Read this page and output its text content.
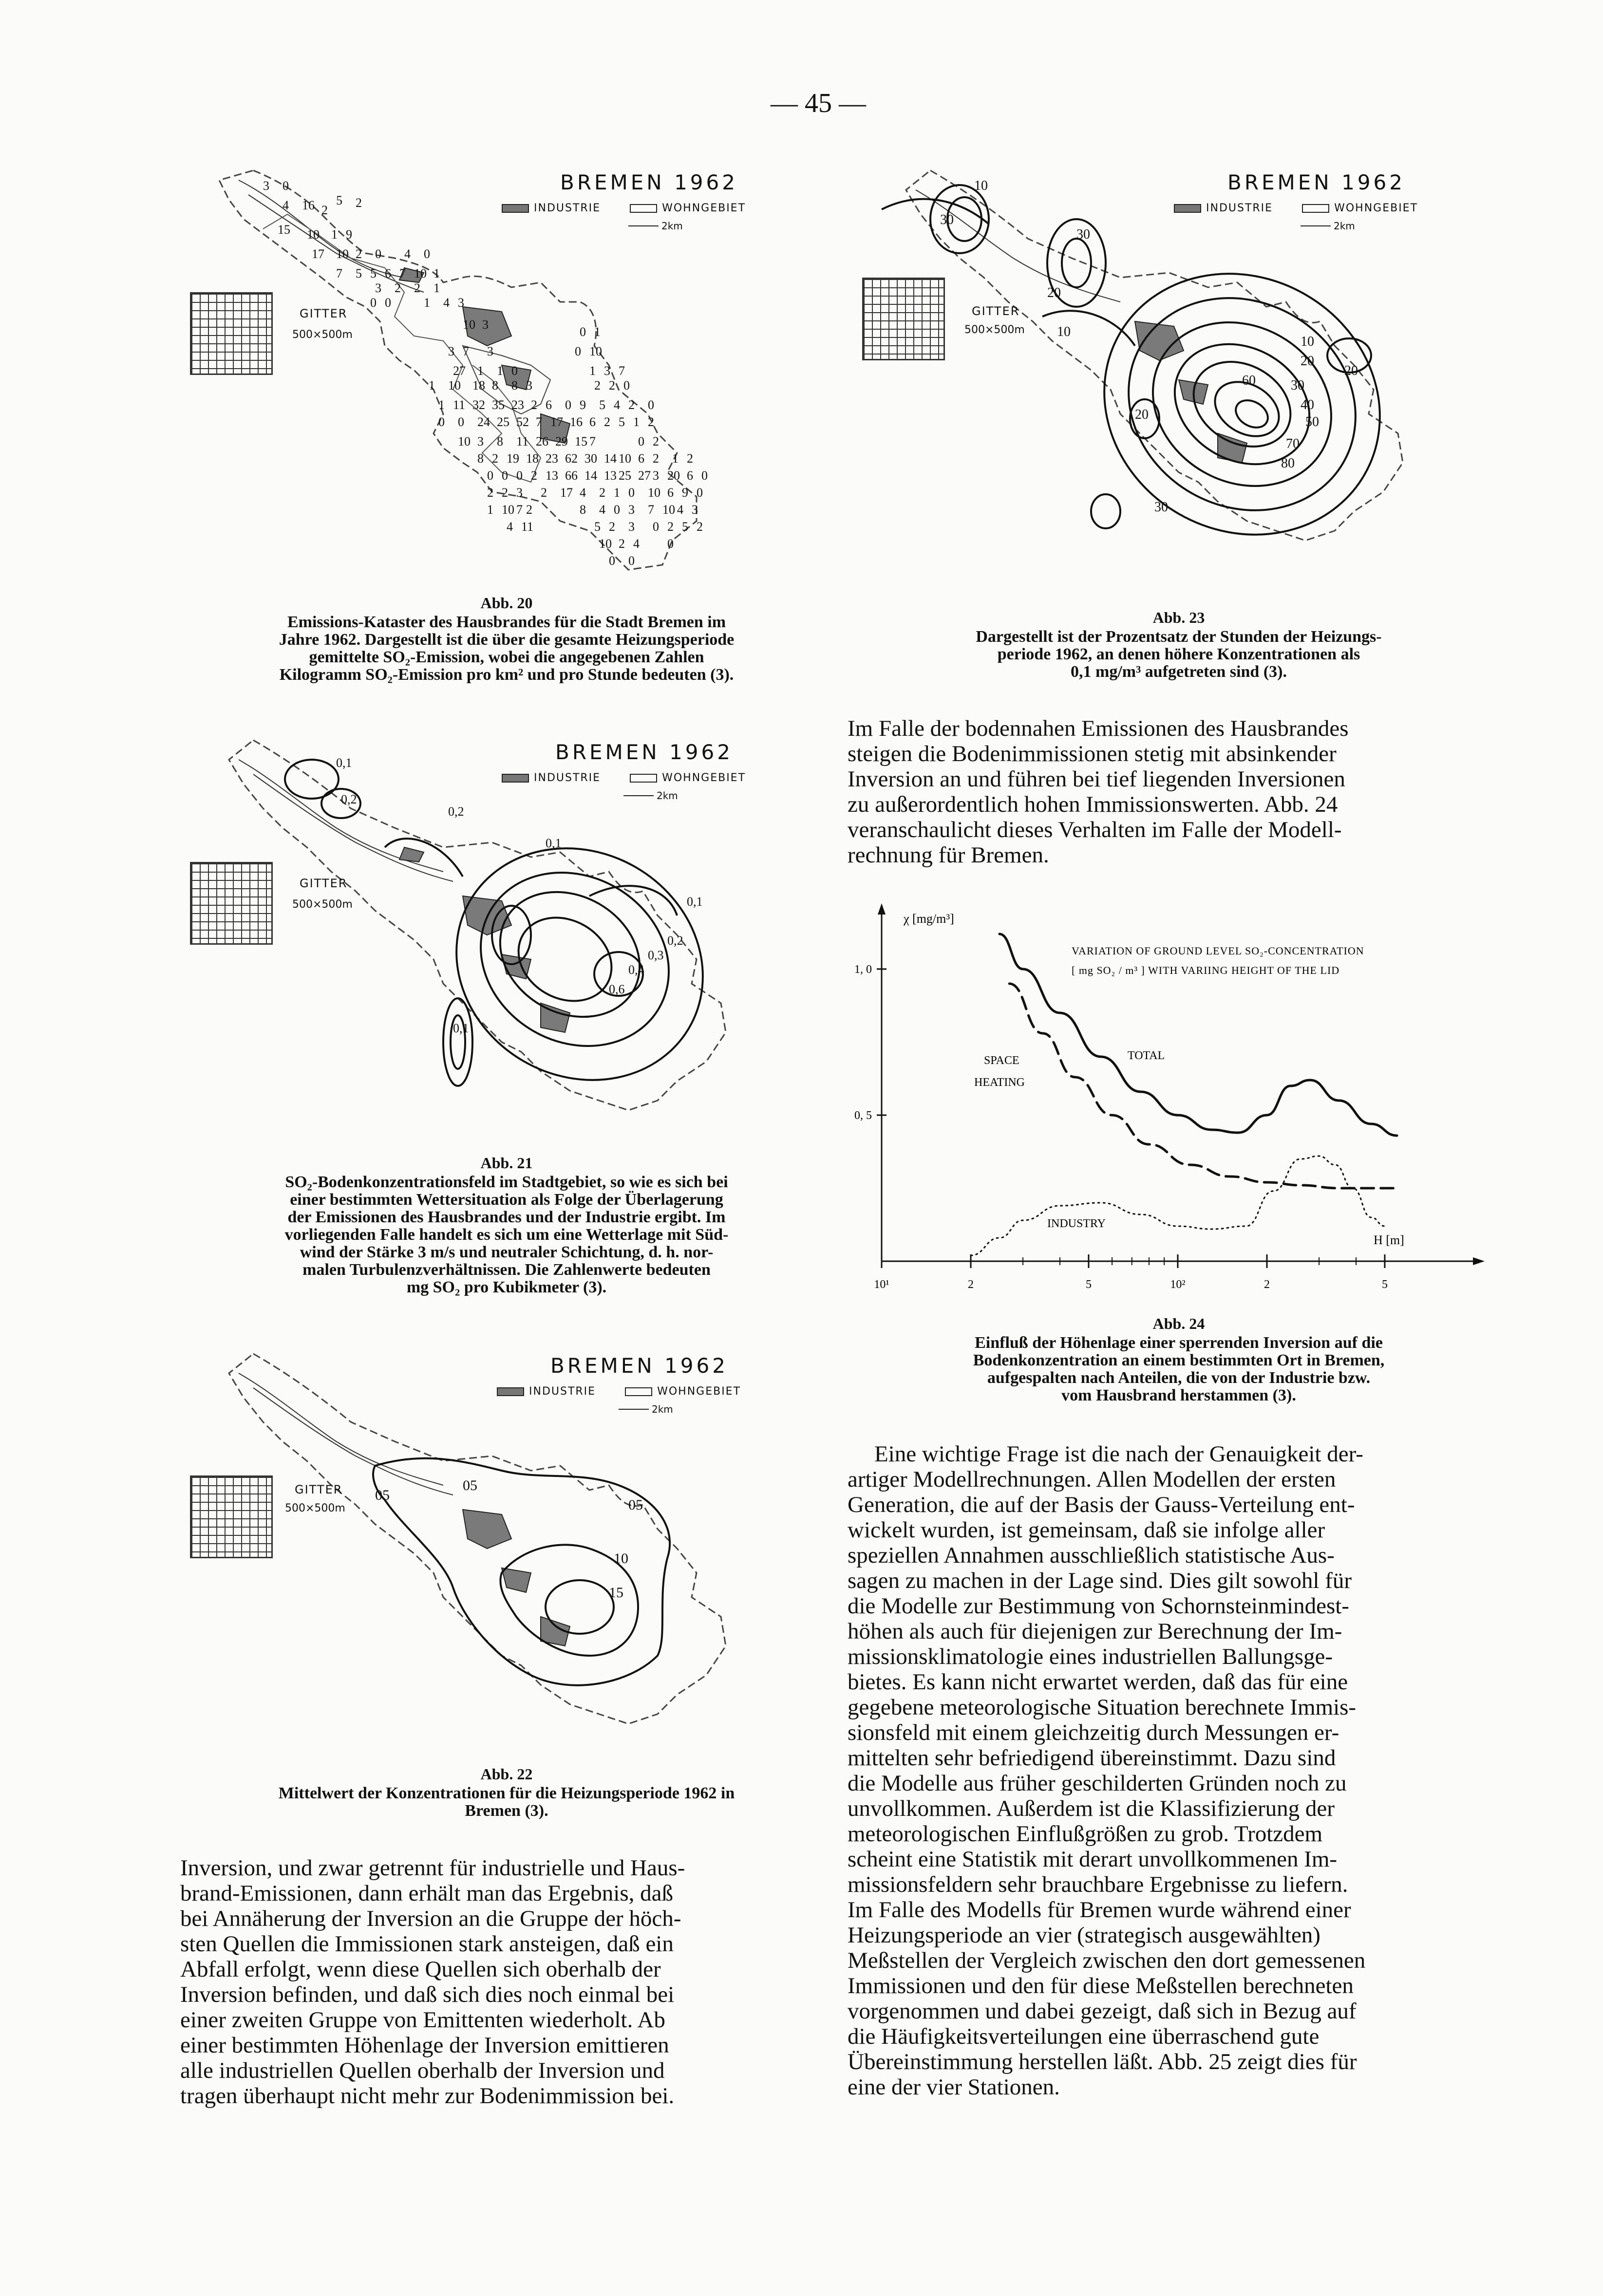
— 45 —
3 0
5 2
4 16 2
15 10 1 9
17 10 2 0 4 0
7 5 5 6 7 10 1
3 2 2 1
0 0	1 4 3
10 3
0 1
3 7 3	0 10
27 1 1 0	1 3 7
1 10 18 8 8 3	2 2 0
1 11 32 35 23 2 6 0 9 5 4 2 0
0 0 24 25 52 7 17 16 6 2 5 1 2
10 3 8 11 26 29 15 7	0 2
8 2 19 18 23 62 30 14 10 6 2 1 2
0 0 0 2 13 66 14 13 25 27 3 20 6 0
2 2 3 2 17 4 2 1 0 10 6 9 0
1 10 7 2	8 4 0 3 7 10 4 3
4 11	5 2 3 0 2 5 2
10 2 4 0
0 0
BREMEN 1962
INDUSTRIE	WOHNGEBIET
2km
GITTER
500×500m
Abb. 20
Emissions-Kataster des Hausbrandes für die Stadt Bremen im
Jahre 1962. Dargestellt ist die über die gesamte Heizungsperiode
gemittelte SO₂-Emission, wobei die angegebenen Zahlen
Kilogramm SO₂-Emission pro km² und pro Stunde bedeuten (3).
0,1
0,2
0,2
0,1
0,1
0,2
0,3
0,4
0,6
0,1
BREMEN 1962
INDUSTRIE	WOHNGEBIET
2km
GITTER
500×500m
Abb. 21
SO₂-Bodenkonzentrationsfeld im Stadtgebiet, so wie es sich bei
einer bestimmten Wettersituation als Folge der Überlagerung
der Emissionen des Hausbrandes und der Industrie ergibt. Im
vorliegenden Falle handelt es sich um eine Wetterlage mit Süd-
wind der Stärke 3 m/s und neutraler Schichtung, d. h. nor-
malen Turbulenzverhältnissen. Die Zahlenwerte bedeuten
mg SO₂ pro Kubikmeter (3).
05
05
05
10
15
BREMEN 1962
INDUSTRIE	WOHNGEBIET
2km
GITTER
500×500m
Abb. 22
Mittelwert der Konzentrationen für die Heizungsperiode 1962 in
Bremen (3).
10
30
30
20
10
10
20
20
30
40
50
60
70
80
20
30
BREMEN 1962
INDUSTRIE	WOHNGEBIET
2km
GITTER
500×500m
Abb. 23
Dargestellt ist der Prozentsatz der Stunden der Heizungs-
periode 1962, an denen höhere Konzentrationen als
0,1 mg/m³ aufgetreten sind (3).
Im Falle der bodennahen Emissionen des Hausbrandes
steigen die Bodenimmissionen stetig mit absinkender
Inversion an und führen bei tief liegenden Inversionen
zu außerordentlich hohen Immissionswerten. Abb. 24
veranschaulicht dieses Verhalten im Falle der Modell-
rechnung für Bremen.
χ [mg/m³]
VARIATION OF GROUND LEVEL SO₂-CONCENTRATION
[ mg SO₂ / m³ ] WITH VARIING HEIGHT OF THE LID
H [m]
TOTAL
SPACE
HEATING
INDUSTRY
10¹	2	5	10²	2	5
0, 5
1, 0
Abb. 24
Einfluß der Höhenlage einer sperrenden Inversion auf die
Bodenkonzentration an einem bestimmten Ort in Bremen,
aufgespalten nach Anteilen, die von der Industrie bzw.
vom Hausbrand herstammen (3).
Inversion, und zwar getrennt für industrielle und Haus-
brand-Emissionen, dann erhält man das Ergebnis, daß
bei Annäherung der Inversion an die Gruppe der höch-
sten Quellen die Immissionen stark ansteigen, daß ein
Abfall erfolgt, wenn diese Quellen sich oberhalb der
Inversion befinden, und daß sich dies noch einmal bei
einer zweiten Gruppe von Emittenten wiederholt. Ab
einer bestimmten Höhenlage der Inversion emittieren
alle industriellen Quellen oberhalb der Inversion und
tragen überhaupt nicht mehr zur Bodenimmission bei.
Eine wichtige Frage ist die nach der Genauigkeit der-
artiger Modellrechnungen. Allen Modellen der ersten
Generation, die auf der Basis der Gauss-Verteilung ent-
wickelt wurden, ist gemeinsam, daß sie infolge aller
speziellen Annahmen ausschließlich statistische Aus-
sagen zu machen in der Lage sind. Dies gilt sowohl für
die Modelle zur Bestimmung von Schornsteinmindest-
höhen als auch für diejenigen zur Berechnung der Im-
missionsklimatologie eines industriellen Ballungsge-
bietes. Es kann nicht erwartet werden, daß das für eine
gegebene meteorologische Situation berechnete Immis-
sionsfeld mit einem gleichzeitig durch Messungen er-
mittelten sehr befriedigend übereinstimmt. Dazu sind
die Modelle aus früher geschilderten Gründen noch zu
unvollkommen. Außerdem ist die Klassifizierung der
meteorologischen Einflußgrößen zu grob. Trotzdem
scheint eine Statistik mit derart unvollkommenen Im-
missionsfeldern sehr brauchbare Ergebnisse zu liefern.
Im Falle des Modells für Bremen wurde während einer
Heizungsperiode an vier (strategisch ausgewählten)
Meßstellen der Vergleich zwischen den dort gemessenen
Immissionen und den für diese Meßstellen berechneten
vorgenommen und dabei gezeigt, daß sich in Bezug auf
die Häufigkeitsverteilungen eine überraschend gute
Übereinstimmung herstellen läßt. Abb. 25 zeigt dies für
eine der vier Stationen.
